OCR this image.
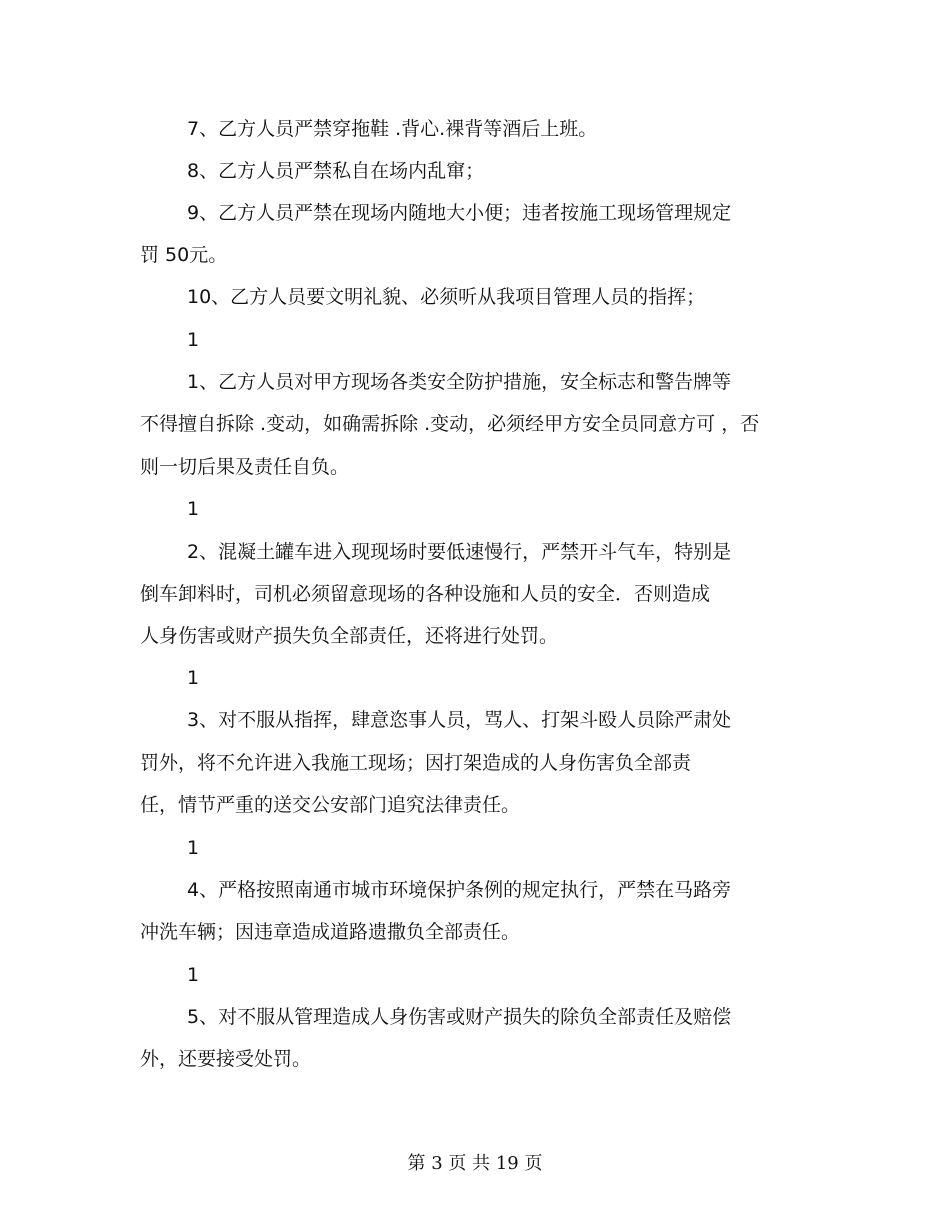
7、乙方人员严禁穿拖鞋 .背心.裸背等酒后上班。
8、乙方人员严禁私自在场内乱窜；
9、乙方人员严禁在现场内随地大小便；违者按施工现场管理规定
罚 50元。
10、乙方人员要文明礼貌、必须听从我项目管理人员的指挥；
1
1、乙方人员对甲方现场各类安全防护措施，安全标志和警告牌等
不得擅自拆除 .变动，如确需拆除 .变动，必须经甲方安全员同意方可 ，否
则一切后果及责任自负。
1
2、混凝土罐车进入现现场时要低速慢行，严禁开斗气车，特别是
倒车卸料时，司机必须留意现场的各种设施和人员的安全．否则造成
人身伤害或财产损失负全部责任，还将进行处罚。
1
3、对不服从指挥，肆意恣事人员，骂人、打架斗殴人员除严肃处
罚外，将不允许进入我施工现场；因打架造成的人身伤害负全部责
任，情节严重的送交公安部门追究法律责任。
1
4、严格按照南通市城市环境保护条例的规定执行，严禁在马路旁
冲洗车辆；因违章造成道路遗撒负全部责任。
1
5、对不服从管理造成人身伤害或财产损失的除负全部责任及赔偿
外，还要接受处罚。
第 3 页 共 19 页
